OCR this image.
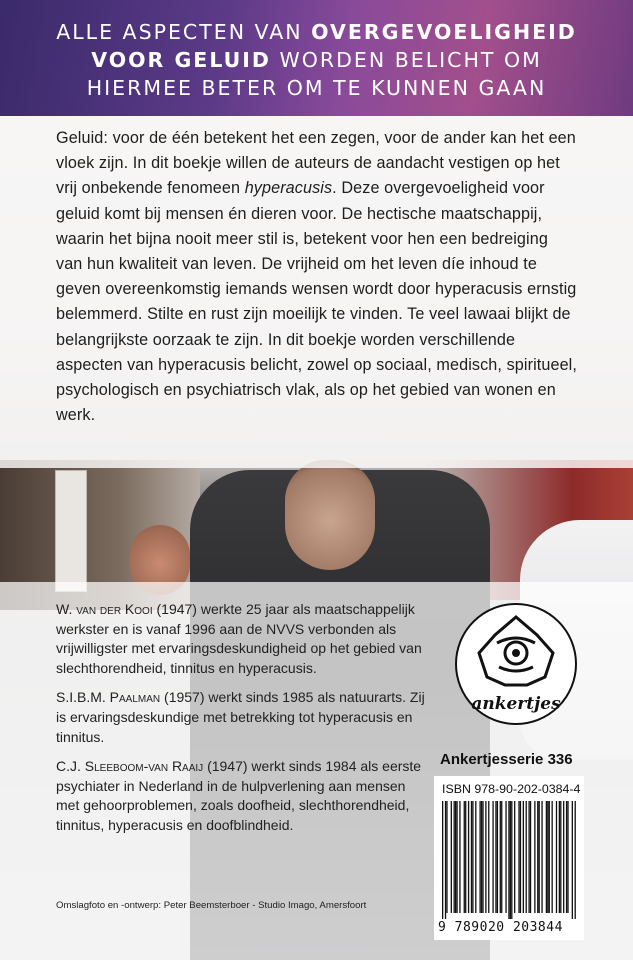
ALLE ASPECTEN VAN OVERGEVOELIGHEID
VOOR GELUID WORDEN BELICHT OM
HIERMEE BETER OM TE KUNNEN GAAN

Geluid: voor de één betekent het een zegen, voor de ander kan het een vloek zijn. In dit boekje willen de auteurs de aandacht vestigen op het vrij onbekende fenomeen hyperacusis. Deze overgevoeligheid voor geluid komt bij mensen én dieren voor. De hectische maatschappij, waarin het bijna nooit meer stil is, betekent voor hen een bedreiging van hun kwaliteit van leven. De vrijheid om het leven díe inhoud te geven overeenkomstig iemands wensen wordt door hyperacusis ernstig belemmerd. Stilte en rust zijn moeilijk te vinden. Te veel lawaai blijkt de belangrijkste oorzaak te zijn. In dit boekje worden verschillende aspecten van hyperacusis belicht, zowel op sociaal, medisch, spiritueel, psychologisch en psychiatrisch vlak, als op het gebied van wonen en werk.

W. van der Kooi (1947) werkte 25 jaar als maatschappelijk werkster en is vanaf 1996 aan de NVVS verbonden als vrijwilligster met ervaringsdeskundigheid op het gebied van slechthorendheid, tinnitus en hyperacusis.

S.I.B.M. Paalman (1957) werkt sinds 1985 als natuurarts. Zij is ervaringsdeskundige met betrekking tot hyperacusis en tinnitus.

C.J. Sleeboom-van Raaij (1947) werkt sinds 1984 als eerste psychiater in Nederland in de hulpverlening aan mensen met gehoorproblemen, zoals doofheid, slechthorendheid, tinnitus, hyperacusis en doofblindheid.

Omslagfoto en -ontwerp: Peter Beemsterboer - Studio Imago, Amersfoort
ankertjes
Ankertjesserie 336
ISBN 978-90-202-0384-4
9 789020 203844
